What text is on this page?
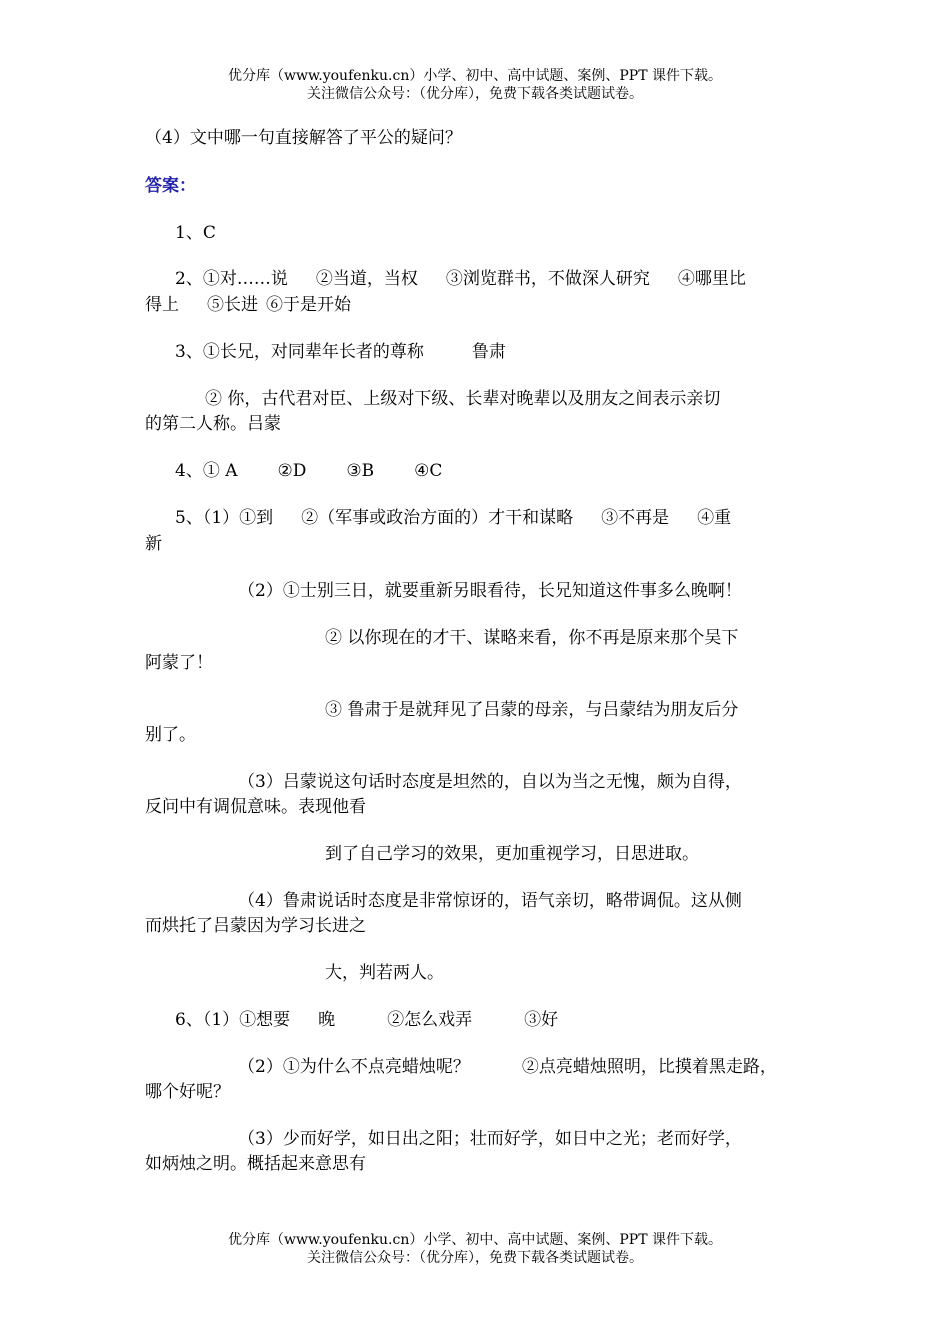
优分库（www.youfenku.cn）小学、初中、高中试题、案例、PPT 课件下载。
关注微信公众号：（优分库），免费下载各类试题试卷。
（4）文中哪一句直接解答了平公的疑问？
答案：
1、C
2、①对……说 ②当道，当权 ③浏览群书，不做深人研究 ④哪里比
得上 ⑤长进 ⑥于是开始
3、①长兄，对同辈年长者的尊称	鲁肃
② 你，古代君对臣、上级对下级、长辈对晚辈以及朋友之间表示亲切
的第二人称。吕蒙
4、① A ②D ③B ④C
5、（1）①到 ②（军事或政治方面的）才干和谋略 ③不再是 ④重
新
（2）①士别三日，就要重新另眼看待，长兄知道这件事多么晚啊！
② 以你现在的才干、谋略来看，你不再是原来那个吴下
阿蒙了！
③ 鲁肃于是就拜见了吕蒙的母亲，与吕蒙结为朋友后分
别了。
（3）吕蒙说这句话时态度是坦然的，自以为当之无愧，颇为自得，
反问中有调侃意味。表现他看
到了自己学习的效果，更加重视学习，日思进取。
（4）鲁肃说话时态度是非常惊讶的，语气亲切，略带调侃。这从侧
而烘托了吕蒙因为学习长进之
大，判若两人。
6、（1）①想要 晚	②怎么戏弄	③好
（2）①为什么不点亮蜡烛呢？	②点亮蜡烛照明，比摸着黑走路，
哪个好呢？
（3）少而好学，如日出之阳；壮而好学，如日中之光；老而好学，
如炳烛之明。概括起来意思有
优分库（www.youfenku.cn）小学、初中、高中试题、案例、PPT 课件下载。
关注微信公众号：（优分库），免费下载各类试题试卷。
